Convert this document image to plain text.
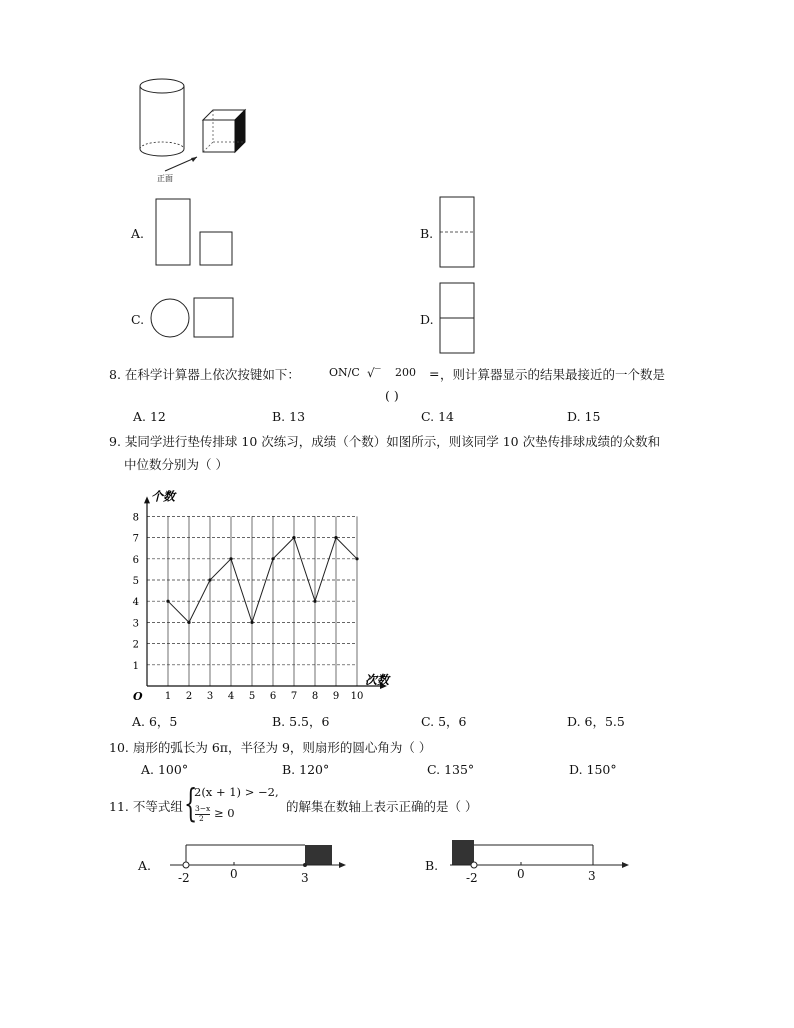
正面
A.	B.
C.	D.
8. 在科学计算器上依次按键如下：	ON/C √‾ 200 = ，则计算器显示的结果最接近的一个数是
( )
A. 12	B. 13	C. 14	D. 15
9. 某同学进行垫传排球 10 次练习，成绩（个数）如图所示，则该同学 10 次垫传排球成绩的众数和
中位数分别为（ ）
1
2
3
4
5
6
7
8
1 2 3 4 5 6 7 8 9 10
O
个数
次数
A. 6，5	B. 5.5，6	C. 5，6	D. 6，5.5
10. 扇形的弧长为 6π，半径为 9，则扇形的圆心角为（ ）
A. 100°	B. 120°	C. 135°	D. 150°
11. 不等式组 {
2(x + 1) > −2,
3−x
2 ≥ 0	的解集在数轴上表示正确的是（ ）
A.
-2	0	3
B.
-2	0	3
